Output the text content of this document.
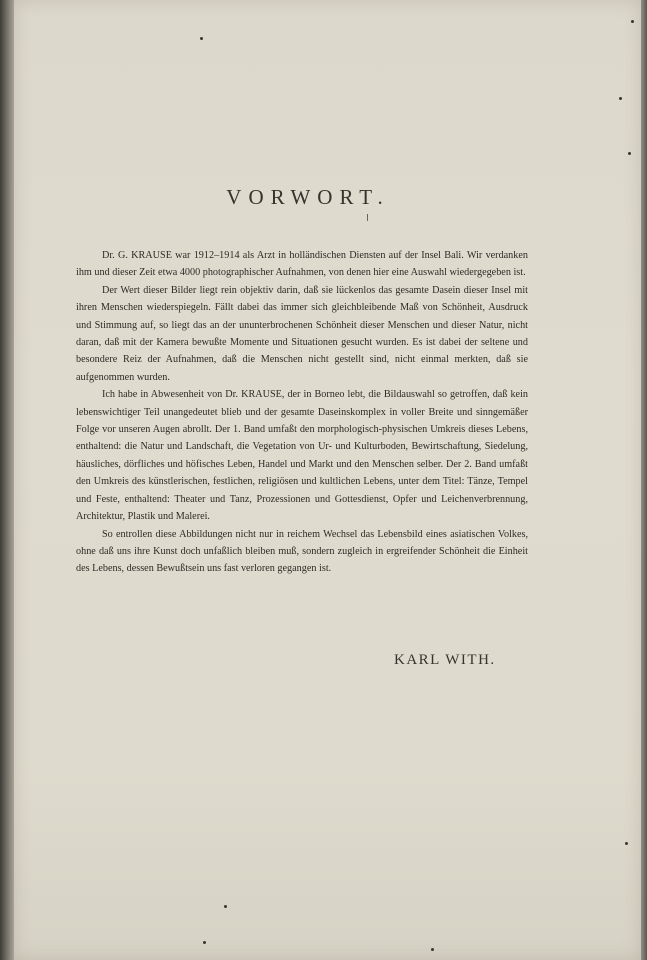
VORWORT.

Dr. G. KRAUSE war 1912–1914 als Arzt in holländischen Diensten auf der Insel Bali. Wir verdanken ihm und dieser Zeit etwa 4000 photographischer Aufnahmen, von denen hier eine Auswahl wiedergegeben ist.

Der Wert dieser Bilder liegt rein objektiv darin, daß sie lückenlos das gesamte Dasein dieser Insel mit ihren Menschen wiederspiegeln. Fällt dabei das immer sich gleichbleibende Maß von Schönheit, Ausdruck und Stimmung auf, so liegt das an der ununterbrochenen Schönheit dieser Menschen und dieser Natur, nicht daran, daß mit der Kamera bewußte Momente und Situationen gesucht wurden. Es ist dabei der seltene und besondere Reiz der Aufnahmen, daß die Menschen nicht gestellt sind, nicht einmal merkten, daß sie aufgenommen wurden.

Ich habe in Abwesenheit von Dr. KRAUSE, der in Borneo lebt, die Bildauswahl so getroffen, daß kein lebenswichtiger Teil unangedeutet blieb und der gesamte Daseinskomplex in voller Breite und sinngemäßer Folge vor unseren Augen abrollt. Der 1. Band umfaßt den morphologisch-physischen Umkreis dieses Lebens, enthaltend: die Natur und Landschaft, die Vegetation von Ur- und Kulturboden, Bewirtschaftung, Siedelung, häusliches, dörfliches und höfisches Leben, Handel und Markt und den Menschen selber. Der 2. Band umfaßt den Umkreis des künstlerischen, festlichen, religiösen und kultlichen Lebens, unter dem Titel: Tänze, Tempel und Feste, enthaltend: Theater und Tanz, Prozessionen und Gottesdienst, Opfer und Leichenverbrennung, Architektur, Plastik und Malerei.

So entrollen diese Abbildungen nicht nur in reichem Wechsel das Lebensbild eines asiatischen Volkes, ohne daß uns ihre Kunst doch unfaßlich bleiben muß, sondern zugleich in ergreifender Schönheit die Einheit des Lebens, dessen Bewußtsein uns fast verloren gegangen ist.

KARL WITH.
